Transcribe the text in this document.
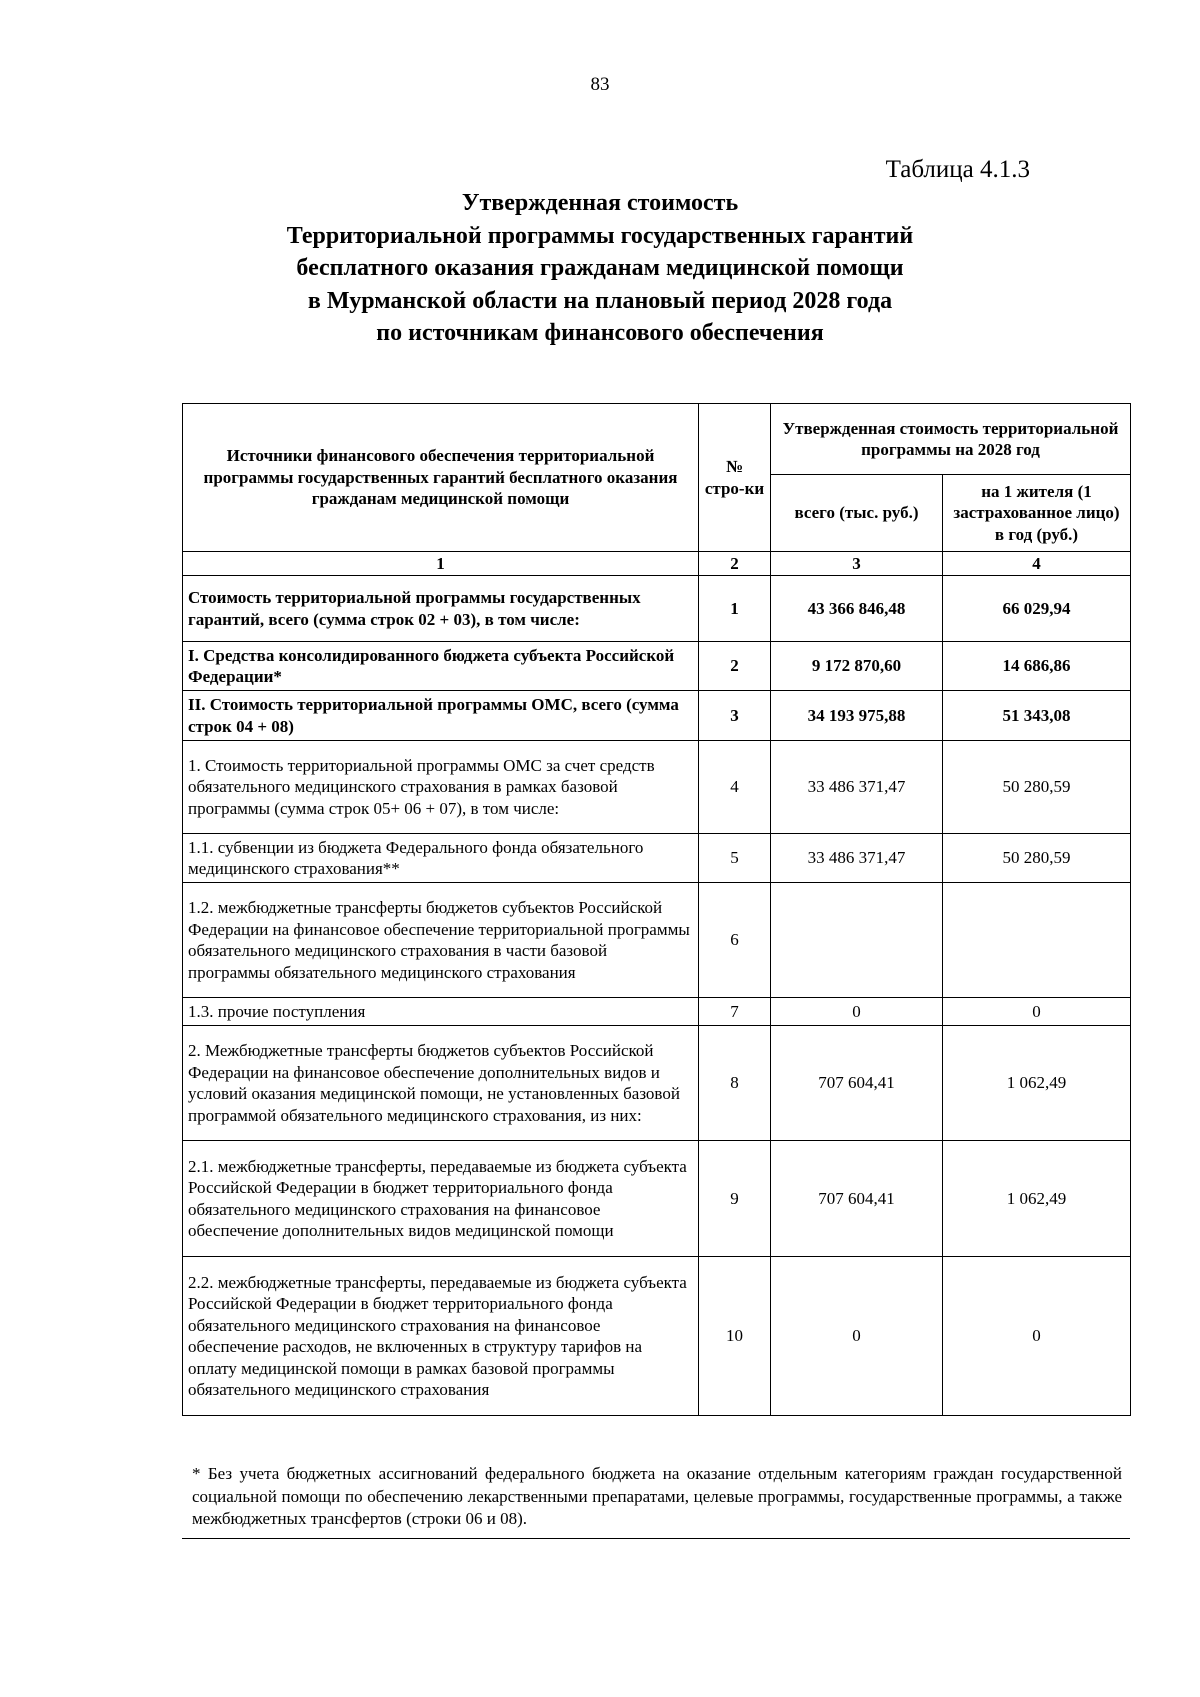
83
Таблица 4.1.3
Утвержденная стоимость
Территориальной программы государственных гарантий
бесплатного оказания гражданам медицинской помощи
в Мурманской области на плановый период 2028 года
по источникам финансового обеспечения
Источники финансового обеспечения территориальной программы государственных гарантий бесплатного оказания гражданам медицинской помощи	№ стро-ки	Утвержденная стоимость территориальной программы на 2028 год	
		всего (тыс. руб.)	на 1 жителя (1 застрахованное лицо) в год (руб.)
1	2	3	4
Стоимость территориальной программы государственных гарантий, всего (сумма строк 02 + 03), в том числе:	1	43 366 846,48	66 029,94
I. Средства консолидированного бюджета субъекта Российской Федерации*	2	9 172 870,60	14 686,86
II. Стоимость территориальной программы ОМС, всего (сумма строк 04 + 08)	3	34 193 975,88	51 343,08
1. Стоимость территориальной программы ОМС за счет средств обязательного медицинского страхования в рамках базовой программы (сумма строк 05+ 06 + 07), в том числе:	4	33 486 371,47	50 280,59
1.1. субвенции из бюджета Федерального фонда обязательного медицинского страхования**	5	33 486 371,47	50 280,59
1.2. межбюджетные трансферты бюджетов субъектов Российской Федерации на финансовое обеспечение территориальной программы обязательного медицинского страхования в части базовой программы обязательного медицинского страхования	6		
1.3. прочие поступления	7	0	0
2. Межбюджетные трансферты бюджетов субъектов Российской Федерации на финансовое обеспечение дополнительных видов и условий оказания медицинской помощи, не установленных базовой программой обязательного медицинского страхования, из них:	8	707 604,41	1 062,49
2.1. межбюджетные трансферты, передаваемые из бюджета субъекта Российской Федерации в бюджет территориального фонда обязательного медицинского страхования на финансовое обеспечение дополнительных видов медицинской помощи	9	707 604,41	1 062,49
2.2. межбюджетные трансферты, передаваемые из бюджета субъекта Российской Федерации в бюджет территориального фонда обязательного медицинского страхования на финансовое обеспечение расходов, не включенных в структуру тарифов на оплату медицинской помощи в рамках базовой программы обязательного медицинского страхования	10	0	0
* Без учета бюджетных ассигнований федерального бюджета на оказание отдельным категориям граждан государственной социальной помощи по обеспечению лекарственными препаратами, целевые программы, государственные программы, а также межбюджетных трансфертов (строки 06 и 08).
